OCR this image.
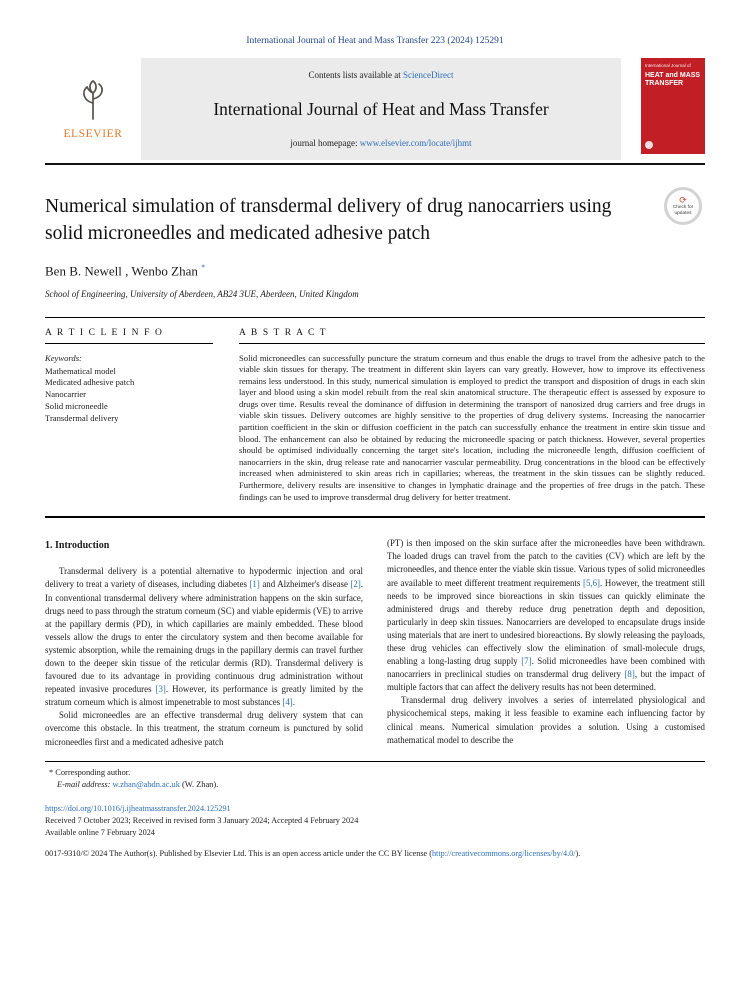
International Journal of Heat and Mass Transfer 223 (2024) 125291
ELSEVIER
Contents lists available at ScienceDirect
International Journal of Heat and Mass Transfer
journal homepage: www.elsevier.com/locate/ijhmt
International Journal of
HEAT and MASS
TRANSFER
Numerical simulation of transdermal delivery of drug nanocarriers using solid microneedles and medicated adhesive patch
⟳
Check for
updates
Ben B. Newell , Wenbo Zhan *
School of Engineering, University of Aberdeen, AB24 3UE, Aberdeen, United Kingdom
A R T I C L E I N F O
Keywords:
Mathematical model
Medicated adhesive patch
Nanocarrier
Solid microneedle
Transdermal delivery
A B S T R A C T
Solid microneedles can successfully puncture the stratum corneum and thus enable the drugs to travel from the adhesive patch to the viable skin tissues for therapy. The treatment in different skin layers can vary greatly. However, how to improve its effectiveness remains less understood. In this study, numerical simulation is employed to predict the transport and disposition of drugs in each skin layer and blood using a skin model rebuilt from the real skin anatomical structure. The therapeutic effect is assessed by exposure to drugs over time. Results reveal the dominance of diffusion in determining the transport of nanosized drug carriers and free drugs in viable skin tissues. Delivery outcomes are highly sensitive to the properties of drug delivery systems. Increasing the nanocarrier partition coefficient in the skin or diffusion coefficient in the patch can successfully enhance the treatment in entire skin tissue and blood. The enhancement can also be obtained by reducing the microneedle spacing or patch thickness. However, several properties should be optimised individually concerning the target site's location, including the microneedle length, diffusion coefficient of nanocarriers in the skin, drug release rate and nanocarrier vascular permeability. Drug concentrations in the blood can be effectively increased when administered to skin areas rich in capillaries; whereas, the treatment in the skin tissues can be slightly reduced. Furthermore, delivery results are insensitive to changes in lymphatic drainage and the properties of free drugs in the patch. These findings can be used to improve transdermal drug delivery for better treatment.
1. Introduction

Transdermal delivery is a potential alternative to hypodermic injection and oral delivery to treat a variety of diseases, including diabetes [1] and Alzheimer's disease [2]. In conventional transdermal delivery where administration happens on the skin surface, drugs need to pass through the stratum corneum (SC) and viable epidermis (VE) to arrive at the papillary dermis (PD), in which capillaries are mainly embedded. These blood vessels allow the drugs to enter the circulatory system and then become available for systemic absorption, while the remaining drugs in the papillary dermis can travel further down to the deeper skin tissue of the reticular dermis (RD). Transdermal delivery is favoured due to its advantage in providing continuous drug administration without repeated invasive procedures [3]. However, its performance is greatly limited by the stratum corneum which is almost impenetrable to most substances [4].

Solid microneedles are an effective transdermal drug delivery system that can overcome this obstacle. In this treatment, the stratum corneum is punctured by solid microneedles first and a medicated adhesive patch

(PT) is then imposed on the skin surface after the microneedles have been withdrawn. The loaded drugs can travel from the patch to the cavities (CV) which are left by the microneedles, and thence enter the viable skin tissue. Various types of solid microneedles are available to meet different treatment requirements [5,6]. However, the treatment still needs to be improved since bioreactions in skin tissues can quickly eliminate the administered drugs and thereby reduce drug penetration depth and deposition, particularly in deep skin tissues. Nanocarriers are developed to encapsulate drugs inside using materials that are inert to undesired bioreactions. By slowly releasing the payloads, these drug vehicles can effectively slow the elimination of small-molecule drugs, enabling a long-lasting drug supply [7]. Solid microneedles have been combined with nanocarriers in preclinical studies on transdermal drug delivery [8], but the impact of multiple factors that can affect the delivery results has not been determined.

Transdermal drug delivery involves a series of interrelated physiological and physicochemical steps, making it less feasible to examine each influencing factor by clinical means. Numerical simulation provides a solution. Using a customised mathematical model to describe the

* Corresponding author.
E-mail address: w.zhan@abdn.ac.uk (W. Zhan).
https://doi.org/10.1016/j.ijheatmasstransfer.2024.125291
Received 7 October 2023; Received in revised form 3 January 2024; Accepted 4 February 2024
Available online 7 February 2024
0017-9310/© 2024 The Author(s). Published by Elsevier Ltd. This is an open access article under the CC BY license (http://creativecommons.org/licenses/by/4.0/).
